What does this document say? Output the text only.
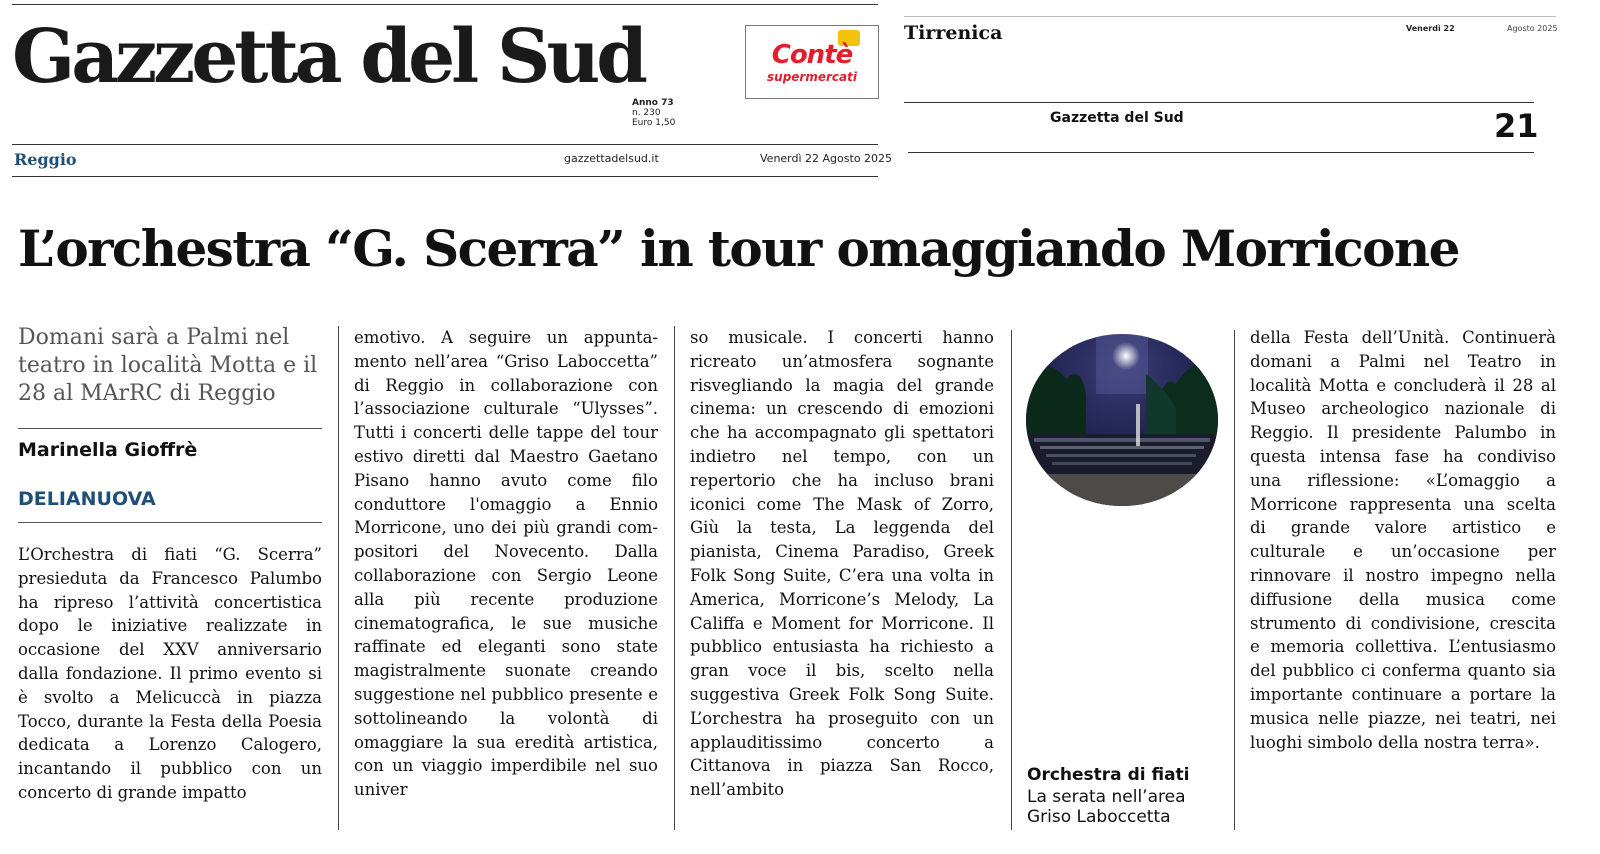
Gazzetta del Sud
Anno 73
n. 230
Euro 1,50
Contè
supermercati
Reggio	gazzettadelsud.it	Venerdì 22 Agosto 2025
Tirrenica	Venerdì 22	Agosto 2025
Gazzetta del Sud	21
L’orchestra “G. Scerra” in tour omaggiando Morricone
Domani sarà a Palmi nel teatro in località Motta e il 28 al MArRC di Reggio
Marinella Gioffrè
DELIANUOVA
L’Orchestra di fiati “G. Scerra” presieduta da Francesco Palumbo ha ripreso l’attività concertistica dopo le iniziative realizzate in occasione del XXV anniversario dalla fondazione. Il primo evento si è svolto a Melicuccà in piazza Tocco, durante la Festa della Poesia dedicata a Lorenzo Calogero, incantando il pubblico con un concerto di grande impatto
emotivo. A seguire un appuntamento nell’area “Griso Laboccetta” di Reggio in collaborazione con l’associazione culturale “Ulysses”. Tutti i concerti delle tappe del tour estivo diretti dal Maestro Gaetano Pisano hanno avuto come filo conduttore l'omaggio a Ennio Morricone, uno dei più grandi compositori del Novecento. Dalla collaborazione con Sergio Leone alla più recente produzione cinematografica, le sue musiche raffinate ed eleganti sono state magistralmente suonate creando suggestione nel pubblico presente e sottolineando la volontà di omaggiare la sua eredità artistica, con un viaggio imperdibile nel suo univer
so musicale. I concerti hanno ricreato un’atmosfera sognante risvegliando la magia del grande cinema: un crescendo di emozioni che ha accompagnato gli spettatori indietro nel tempo, con un repertorio che ha incluso brani iconici come The Mask of Zorro, Giù la testa, La leggenda del pianista, Cinema Paradiso, Greek Folk Song Suite, C’era una volta in America, Morricone’s Melody, La Califfa e Moment for Morricone. Il pubblico entusiasta ha richiesto a gran voce il bis, scelto nella suggestiva Greek Folk Song Suite. L’orchestra ha proseguito con un applauditissimo concerto a Cittanova in piazza San Rocco, nell’ambito
della Festa dell’Unità. Continuerà domani a Palmi nel Teatro in località Motta e concluderà il 28 al Museo archeologico nazionale di Reggio. Il presidente Palumbo in questa intensa fase ha condiviso una riflessione: «L’omaggio a Morricone rappresenta una scelta di grande valore artistico e culturale e un’occasione per rinnovare il nostro impegno nella diffusione della musica come strumento di condivisione, crescita e memoria collettiva. L’entusiasmo del pubblico ci conferma quanto sia importante continuare a portare la musica nelle piazze, nei teatri, nei luoghi simbolo della nostra terra».
Orchestra di fiati
La serata nell’area
Griso Laboccetta
